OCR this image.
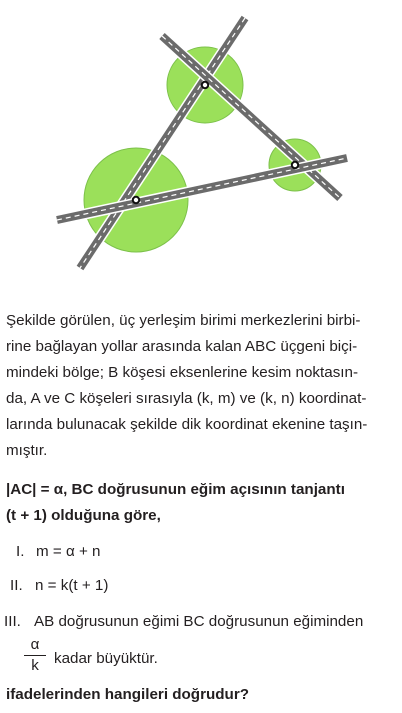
Şekilde görülen, üç yerleşim birimi merkezlerini birbi-
rine bağlayan yollar arasında kalan ABC üçgeni biçi-
mindeki bölge; B köşesi eksenlerine kesim noktasın-
da, A ve C köşeleri sırasıyla (k, m) ve (k, n) koordinat-
larında bulunacak şekilde dik koordinat ekenine taşın-
mıştır.
|AC| = α, BC doğrusunun eğim açısının tanjantı
(t + 1) olduğuna göre,
I. m = α + n
II. n = k(t + 1)
III. AB doğrusunun eğimi BC doğrusunun eğiminden
α
k	kadar büyüktür.
ifadelerinden hangileri doğrudur?
